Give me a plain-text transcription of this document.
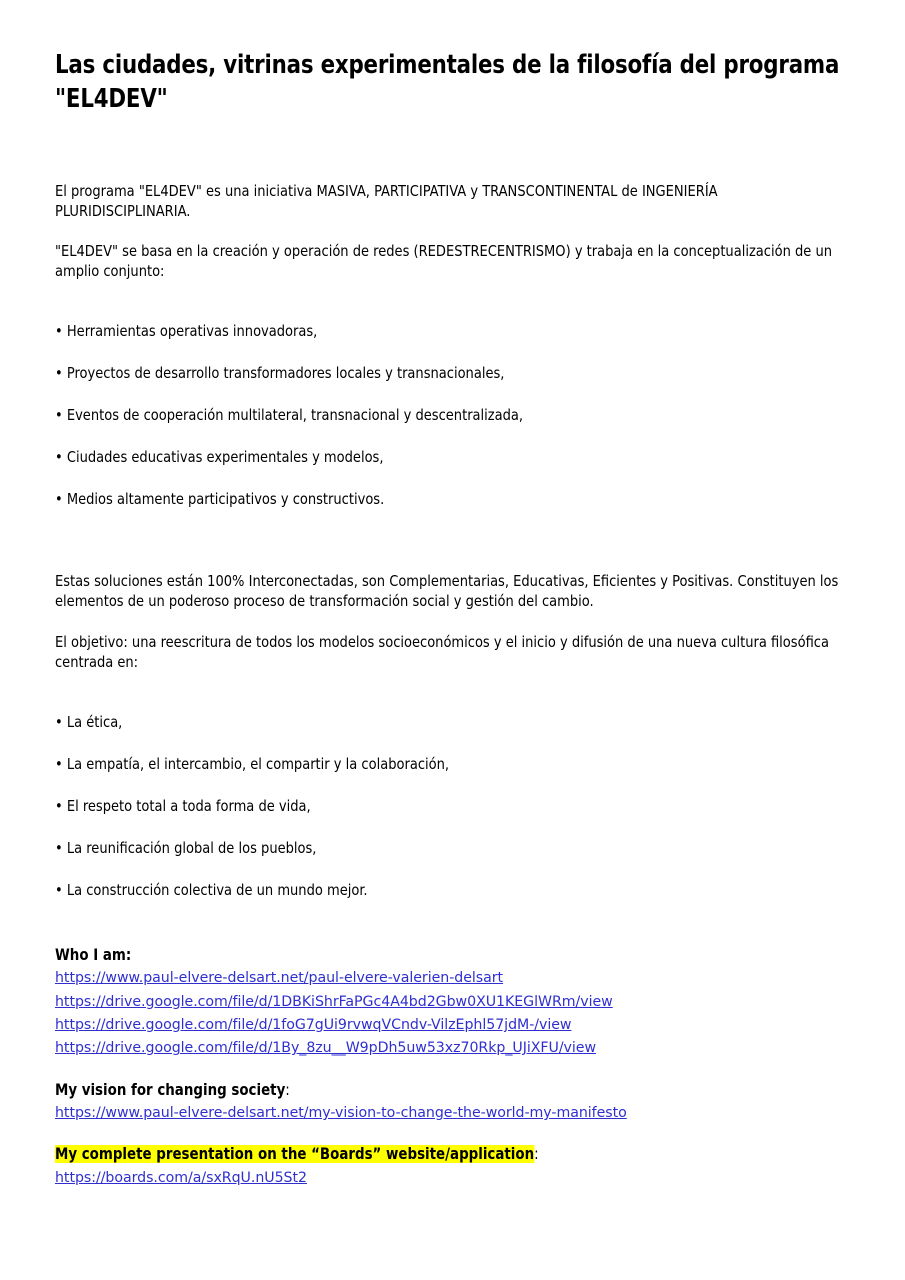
Las ciudades, vitrinas experimentales de la filosofía del programa "EL4DEV"

El programa "EL4DEV" es una iniciativa MASIVA, PARTICIPATIVA y TRANSCONTINENTAL de INGENIERÍA PLURIDISCIPLINARIA.

"EL4DEV" se basa en la creación y operación de redes (REDESTRECENTRISMO) y trabaja en la conceptualización de un amplio conjunto:

• Herramientas operativas innovadoras,

• Proyectos de desarrollo transformadores locales y transnacionales,

• Eventos de cooperación multilateral, transnacional y descentralizada,

• Ciudades educativas experimentales y modelos,

• Medios altamente participativos y constructivos.

Estas soluciones están 100% Interconectadas, son Complementarias, Educativas, Eficientes y Positivas. Constituyen los elementos de un poderoso proceso de transformación social y gestión del cambio.

El objetivo: una reescritura de todos los modelos socioeconómicos y el inicio y difusión de una nueva cultura filosófica centrada en:

• La ética,

• La empatía, el intercambio, el compartir y la colaboración,

• El respeto total a toda forma de vida,

• La reunificación global de los pueblos,

• La construcción colectiva de un mundo mejor.

Who I am:

https://www.paul-elvere-delsart.net/paul-elvere-valerien-delsart
https://drive.google.com/file/d/1DBKiShrFaPGc4A4bd2Gbw0XU1KEGlWRm/view
https://drive.google.com/file/d/1foG7gUi9rvwqVCndv-VilzEphl57jdM-/view
https://drive.google.com/file/d/1By_8zu__W9pDh5uw53xz70Rkp_UJiXFU/view

My vision for changing society:

https://www.paul-elvere-delsart.net/my-vision-to-change-the-world-my-manifesto

My complete presentation on the “Boards” website/application:

https://boards.com/a/sxRqU.nU5St2
